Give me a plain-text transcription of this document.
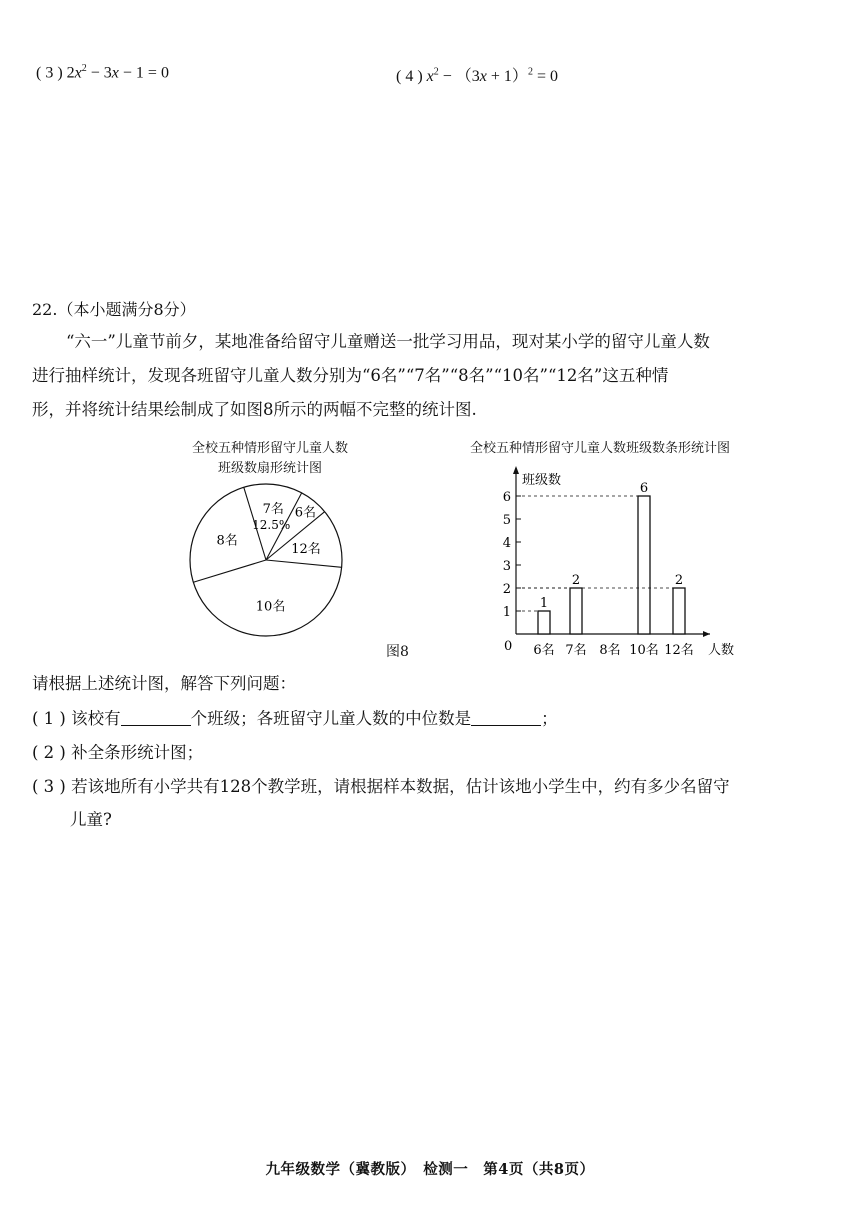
( 3 ) $2x^2 - 3x - 1 = 0$	( 4 ) $x^2 - (3x + 1)^2 = 0$
22.（本小题满分8分）
“六一”儿童节前夕，某地准备给留守儿童赠送一批学习用品，现对某小学的留守儿童人数
进行抽样统计，发现各班留守儿童人数分别为“6名”“7名”“8名”“10名”“12名”这五种情
形，并将统计结果绘制成了如图8所示的两幅不完整的统计图.
全校五种情形留守儿童人数
班级数扇形统计图
8名
7名
12.5%
6名
12名
10名
全校五种情形留守儿童人数班级数条形统计图
班级数
人数
0
1
2
3
4
5
6
6名
1
7名
2
8名 10名
6
12名
2
图8
请根据上述统计图，解答下列问题：
( 1 ) 该校有	个班级；各班留守儿童人数的中位数是	；
( 2 ) 补全条形统计图；
( 3 ) 若该地所有小学共有128个教学班，请根据样本数据，估计该地小学生中，约有多少名留守
儿童?
九年级数学（冀教版）　检测一　第4页（共8页）
